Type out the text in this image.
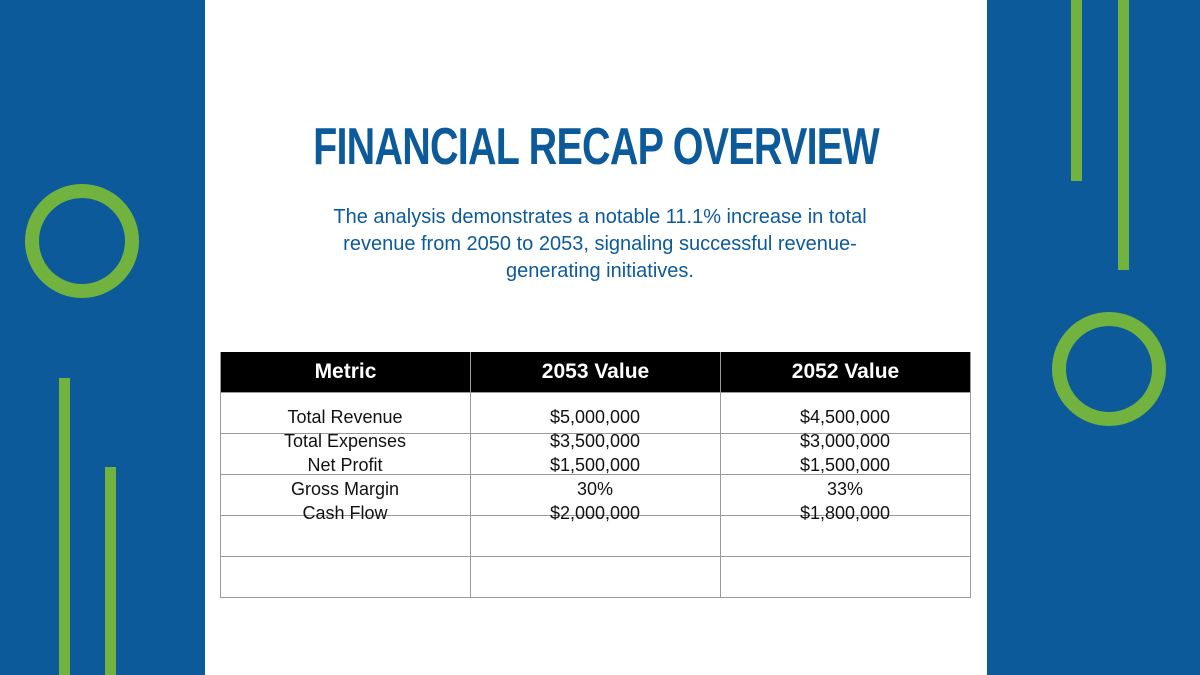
FINANCIAL RECAP OVERVIEW

The analysis demonstrates a notable 11.1% increase in total revenue from 2050 to 2053, signaling successful revenue-generating initiatives.

Metric	2053 Value	2052 Value

Total Revenue	$5,000,000	$4,500,000
Total Expenses	$3,500,000	$3,000,000
Net Profit	$1,500,000	$1,500,000
Gross Margin	30%	33%
Cash Flow	$2,000,000	$1,800,000
